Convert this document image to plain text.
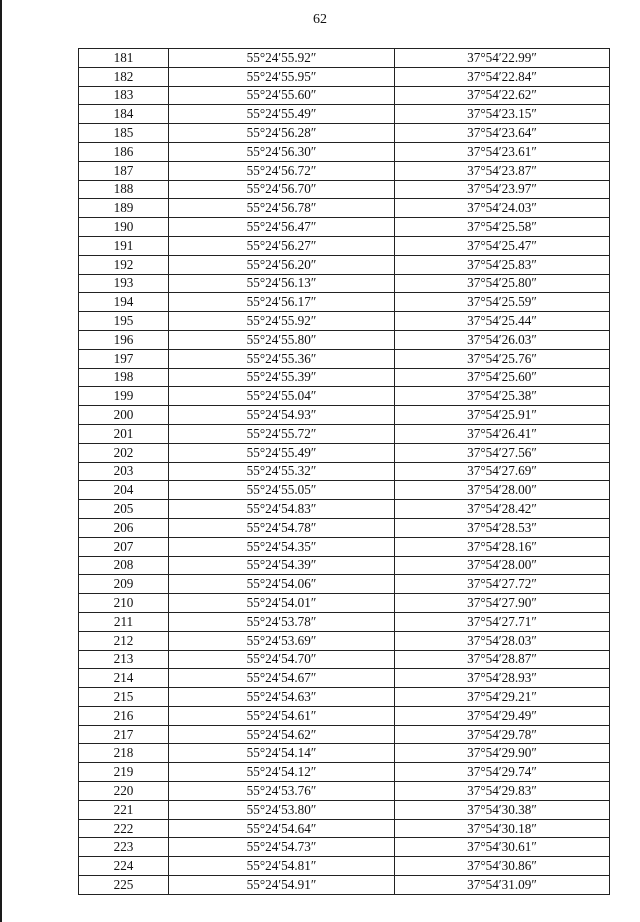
62
181	55°24′55.92″	37°54′22.99″
182	55°24′55.95″	37°54′22.84″
183	55°24′55.60″	37°54′22.62″
184	55°24′55.49″	37°54′23.15″
185	55°24′56.28″	37°54′23.64″
186	55°24′56.30″	37°54′23.61″
187	55°24′56.72″	37°54′23.87″
188	55°24′56.70″	37°54′23.97″
189	55°24′56.78″	37°54′24.03″
190	55°24′56.47″	37°54′25.58″
191	55°24′56.27″	37°54′25.47″
192	55°24′56.20″	37°54′25.83″
193	55°24′56.13″	37°54′25.80″
194	55°24′56.17″	37°54′25.59″
195	55°24′55.92″	37°54′25.44″
196	55°24′55.80″	37°54′26.03″
197	55°24′55.36″	37°54′25.76″
198	55°24′55.39″	37°54′25.60″
199	55°24′55.04″	37°54′25.38″
200	55°24′54.93″	37°54′25.91″
201	55°24′55.72″	37°54′26.41″
202	55°24′55.49″	37°54′27.56″
203	55°24′55.32″	37°54′27.69″
204	55°24′55.05″	37°54′28.00″
205	55°24′54.83″	37°54′28.42″
206	55°24′54.78″	37°54′28.53″
207	55°24′54.35″	37°54′28.16″
208	55°24′54.39″	37°54′28.00″
209	55°24′54.06″	37°54′27.72″
210	55°24′54.01″	37°54′27.90″
211	55°24′53.78″	37°54′27.71″
212	55°24′53.69″	37°54′28.03″
213	55°24′54.70″	37°54′28.87″
214	55°24′54.67″	37°54′28.93″
215	55°24′54.63″	37°54′29.21″
216	55°24′54.61″	37°54′29.49″
217	55°24′54.62″	37°54′29.78″
218	55°24′54.14″	37°54′29.90″
219	55°24′54.12″	37°54′29.74″
220	55°24′53.76″	37°54′29.83″
221	55°24′53.80″	37°54′30.38″
222	55°24′54.64″	37°54′30.18″
223	55°24′54.73″	37°54′30.61″
224	55°24′54.81″	37°54′30.86″
225	55°24′54.91″	37°54′31.09″
